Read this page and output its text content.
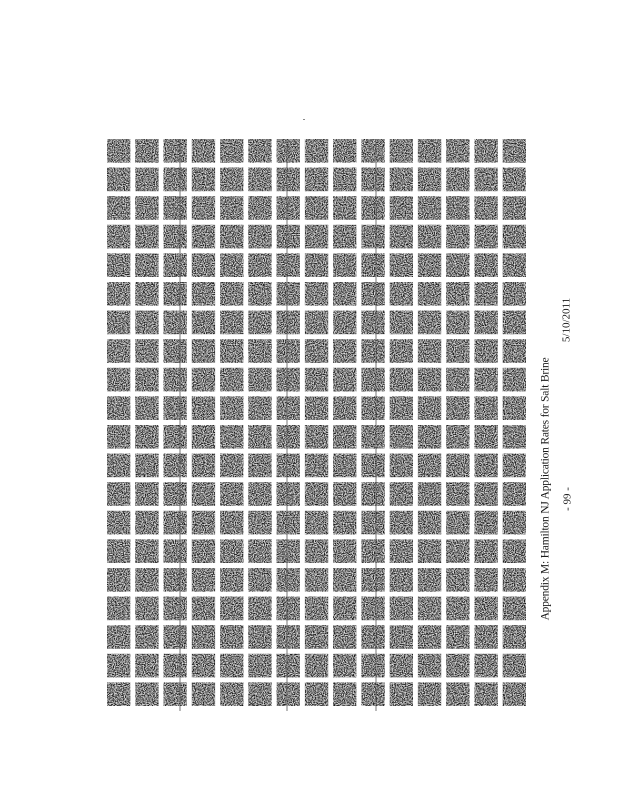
Appendix M: Hamilton NJ Application Rates for Salt Brine - 99 -
5/10/2011
